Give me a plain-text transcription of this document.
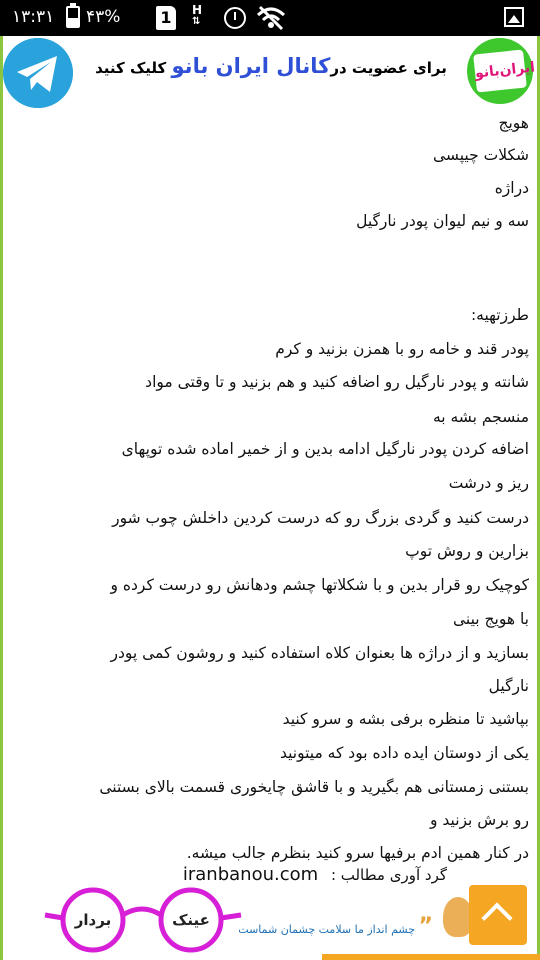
۱۳:۳۱ ۴۳%	1	H
⇅
برای عضویت درکانال ایران بانو کلیک کنید	ایران‌بانو
هویج
شکلات چیپسی
دراژه
سه و نیم لیوان پودر نارگیل
طرزتهیه:
پودر قند و خامه رو با همزن بزنید و کرم
شانته و پودر نارگیل رو اضافه کنید و هم بزنید و تا وقتی مواد
منسجم بشه به
اضافه کردن پودر نارگیل ادامه بدین و از خمیر اماده شده توپهای
ریز و درشت
درست کنید و گردی بزرگ رو که درست کردین داخلش چوب شور
بزارین و روش توپ
کوچیک رو قرار بدین و با شکلاتها چشم ودهانش رو درست کرده و
با هویج بینی
بسازید و از دراژه ها بعنوان کلاه استفاده کنید و روشون کمی پودر
نارگیل
بپاشید تا منظره برفی بشه و سرو کنید
یکی از دوستان ایده داده بود که میتونید
بستنی زمستانی هم بگیرید و با قاشق چایخوری قسمت بالای بستنی
رو برش بزنید و
در کنار همین ادم برفیها سرو کنید بنظرم جالب میشه.
گرد آوری مطالب : iranbanou.com
بردار	عینک	” چشم انداز ما سلامت چشمان شماست
